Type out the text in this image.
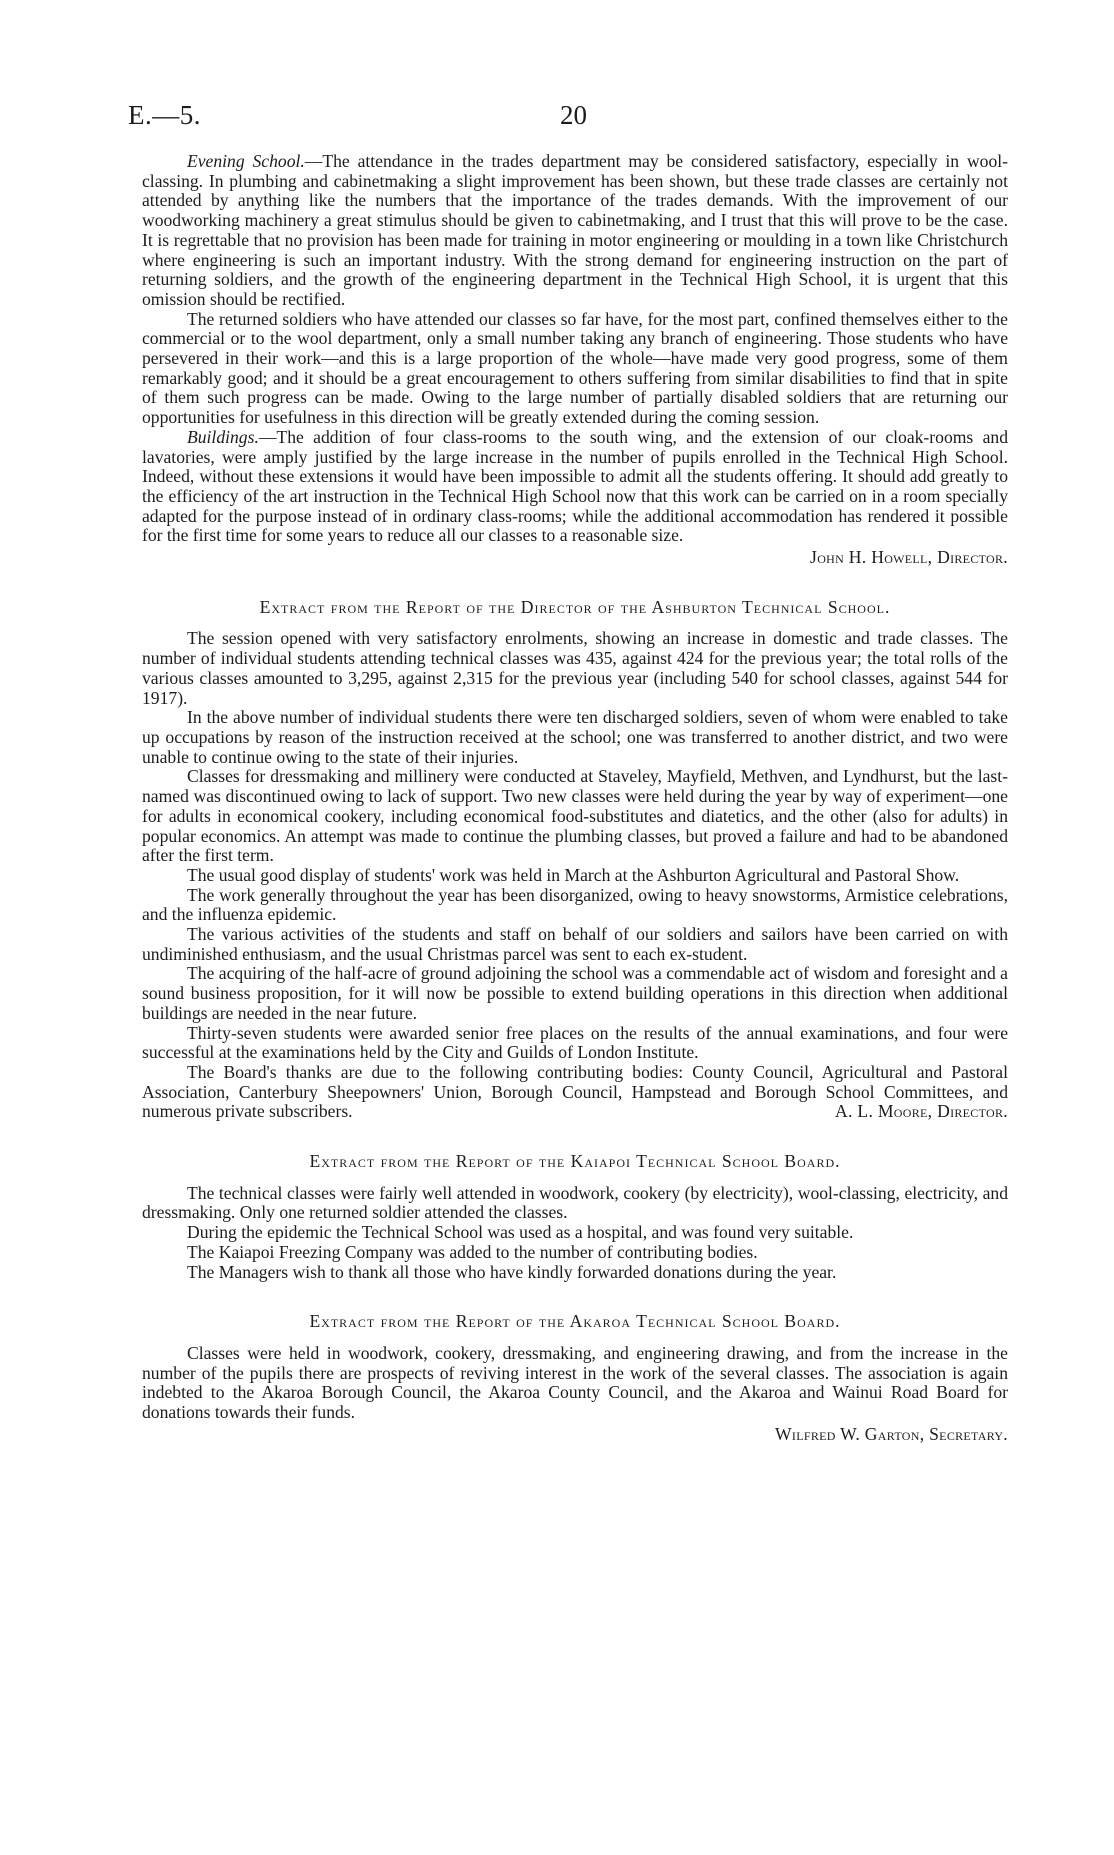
E.—5.	20

Evening School.—The attendance in the trades department may be considered satisfactory, especially in wool-classing. In plumbing and cabinetmaking a slight improvement has been shown, but these trade classes are certainly not attended by anything like the numbers that the importance of the trades demands. With the improvement of our woodworking machinery a great stimulus should be given to cabinetmaking, and I trust that this will prove to be the case. It is regrettable that no provision has been made for training in motor engineering or moulding in a town like Christchurch where engineering is such an important industry. With the strong demand for engineering instruction on the part of returning soldiers, and the growth of the engineering department in the Technical High School, it is urgent that this omission should be rectified.

The returned soldiers who have attended our classes so far have, for the most part, confined themselves either to the commercial or to the wool department, only a small number taking any branch of engineering. Those students who have persevered in their work—and this is a large proportion of the whole—have made very good progress, some of them remarkably good; and it should be a great encouragement to others suffering from similar disabilities to find that in spite of them such progress can be made. Owing to the large number of partially disabled soldiers that are returning our opportunities for usefulness in this direction will be greatly extended during the coming session.

Buildings.—The addition of four class-rooms to the south wing, and the extension of our cloak-rooms and lavatories, were amply justified by the large increase in the number of pupils enrolled in the Technical High School. Indeed, without these extensions it would have been impossible to admit all the students offering. It should add greatly to the efficiency of the art instruction in the Technical High School now that this work can be carried on in a room specially adapted for the purpose instead of in ordinary class-rooms; while the additional accommodation has rendered it possible for the first time for some years to reduce all our classes to a reasonable size.

John H. Howell, Director.

Extract from the Report of the Director of the Ashburton Technical School.

The session opened with very satisfactory enrolments, showing an increase in domestic and trade classes. The number of individual students attending technical classes was 435, against 424 for the previous year; the total rolls of the various classes amounted to 3,295, against 2,315 for the previous year (including 540 for school classes, against 544 for 1917).

In the above number of individual students there were ten discharged soldiers, seven of whom were enabled to take up occupations by reason of the instruction received at the school; one was transferred to another district, and two were unable to continue owing to the state of their injuries.

Classes for dressmaking and millinery were conducted at Staveley, Mayfield, Methven, and Lyndhurst, but the last-named was discontinued owing to lack of support. Two new classes were held during the year by way of experiment—one for adults in economical cookery, including economical food-substitutes and diatetics, and the other (also for adults) in popular economics. An attempt was made to continue the plumbing classes, but proved a failure and had to be abandoned after the first term.

The usual good display of students' work was held in March at the Ashburton Agricultural and Pastoral Show.

The work generally throughout the year has been disorganized, owing to heavy snowstorms, Armistice celebrations, and the influenza epidemic.

The various activities of the students and staff on behalf of our soldiers and sailors have been carried on with undiminished enthusiasm, and the usual Christmas parcel was sent to each ex-student.

The acquiring of the half-acre of ground adjoining the school was a commendable act of wisdom and foresight and a sound business proposition, for it will now be possible to extend building operations in this direction when additional buildings are needed in the near future.

Thirty-seven students were awarded senior free places on the results of the annual examinations, and four were successful at the examinations held by the City and Guilds of London Institute.

The Board's thanks are due to the following contributing bodies: County Council, Agricultural and Pastoral Association, Canterbury Sheepowners' Union, Borough Council, Hampstead and Borough School Committees, and numerous private subscribers.	A. L. Moore, Director.

Extract from the Report of the Kaiapoi Technical School Board.

The technical classes were fairly well attended in woodwork, cookery (by electricity), wool-classing, electricity, and dressmaking. Only one returned soldier attended the classes.

During the epidemic the Technical School was used as a hospital, and was found very suitable.

The Kaiapoi Freezing Company was added to the number of contributing bodies.

The Managers wish to thank all those who have kindly forwarded donations during the year.

Extract from the Report of the Akaroa Technical School Board.

Classes were held in woodwork, cookery, dressmaking, and engineering drawing, and from the increase in the number of the pupils there are prospects of reviving interest in the work of the several classes. The association is again indebted to the Akaroa Borough Council, the Akaroa County Council, and the Akaroa and Wainui Road Board for donations towards their funds.

Wilfred W. Garton, Secretary.
